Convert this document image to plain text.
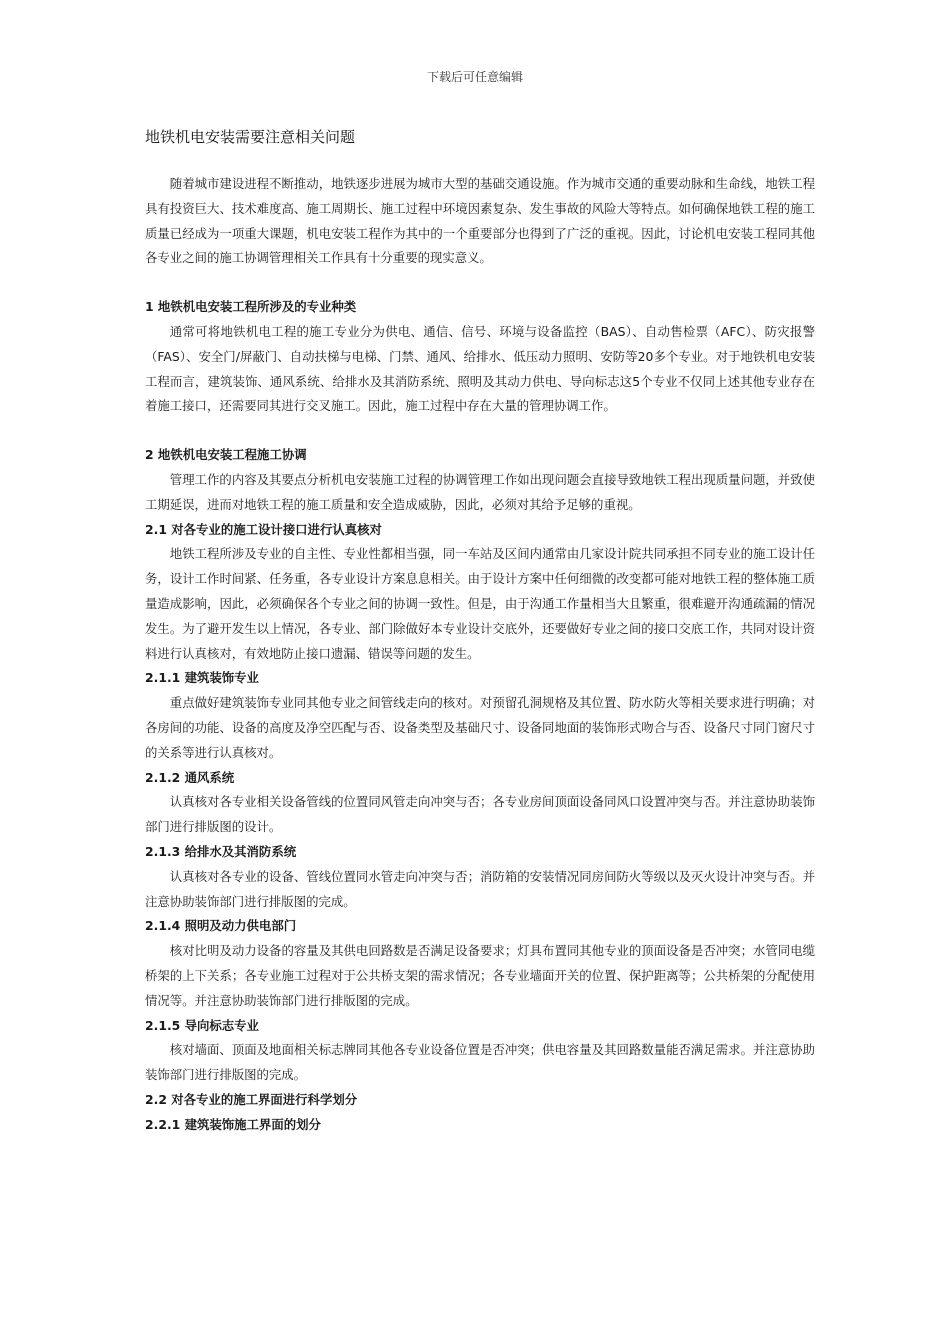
下载后可任意编辑
地铁机电安装需要注意相关问题

随着城市建设进程不断推动，地铁逐步进展为城市大型的基础交通设施。作为城市交通的重要动脉和生命线，地铁工程具有投资巨大、技术难度高、施工周期长、施工过程中环境因素复杂、发生事故的风险大等特点。如何确保地铁工程的施工质量已经成为一项重大课题，机电安装工程作为其中的一个重要部分也得到了广泛的重视。因此，讨论机电安装工程同其他各专业之间的施工协调管理相关工作具有十分重要的现实意义。

1 地铁机电安装工程所涉及的专业种类

通常可将地铁机电工程的施工专业分为供电、通信、信号、环境与设备监控（BAS）、自动售检票（AFC）、防灾报警（FAS）、安全门/屏蔽门、自动扶梯与电梯、门禁、通风、给排水、低压动力照明、安防等20多个专业。对于地铁机电安装工程而言，建筑装饰、通风系统、给排水及其消防系统、照明及其动力供电、导向标志这5个专业不仅同上述其他专业存在着施工接口，还需要同其进行交叉施工。因此，施工过程中存在大量的管理协调工作。

2 地铁机电安装工程施工协调

管理工作的内容及其要点分析机电安装施工过程的协调管理工作如出现问题会直接导致地铁工程出现质量问题，并致使工期延误，进而对地铁工程的施工质量和安全造成威胁，因此，必须对其给予足够的重视。

2.1 对各专业的施工设计接口进行认真核对

地铁工程所涉及专业的自主性、专业性都相当强，同一车站及区间内通常由几家设计院共同承担不同专业的施工设计任务，设计工作时间紧、任务重，各专业设计方案息息相关。由于设计方案中任何细微的改变都可能对地铁工程的整体施工质量造成影响，因此，必须确保各个专业之间的协调一致性。但是，由于沟通工作量相当大且繁重，很难避开沟通疏漏的情况发生。为了避开发生以上情况，各专业、部门除做好本专业设计交底外，还要做好专业之间的接口交底工作，共同对设计资料进行认真核对，有效地防止接口遗漏、错误等问题的发生。

2.1.1 建筑装饰专业

重点做好建筑装饰专业同其他专业之间管线走向的核对。对预留孔洞规格及其位置、防水防火等相关要求进行明确；对各房间的功能、设备的高度及净空匹配与否、设备类型及基础尺寸、设备同地面的装饰形式吻合与否、设备尺寸同门窗尺寸的关系等进行认真核对。

2.1.2 通风系统

认真核对各专业相关设备管线的位置同风管走向冲突与否；各专业房间顶面设备同风口设置冲突与否。并注意协助装饰部门进行排版图的设计。

2.1.3 给排水及其消防系统

认真核对各专业的设备、管线位置同水管走向冲突与否；消防箱的安装情况同房间防火等级以及灭火设计冲突与否。并注意协助装饰部门进行排版图的完成。

2.1.4 照明及动力供电部门

核对比明及动力设备的容量及其供电回路数是否满足设备要求；灯具布置同其他专业的顶面设备是否冲突；水管同电缆桥架的上下关系；各专业施工过程对于公共桥支架的需求情况；各专业墙面开关的位置、保护距离等；公共桥架的分配使用情况等。并注意协助装饰部门进行排版图的完成。

2.1.5 导向标志专业

核对墙面、顶面及地面相关标志牌同其他各专业设备位置是否冲突；供电容量及其回路数量能否满足需求。并注意协助装饰部门进行排版图的完成。

2.2 对各专业的施工界面进行科学划分

2.2.1 建筑装饰施工界面的划分
